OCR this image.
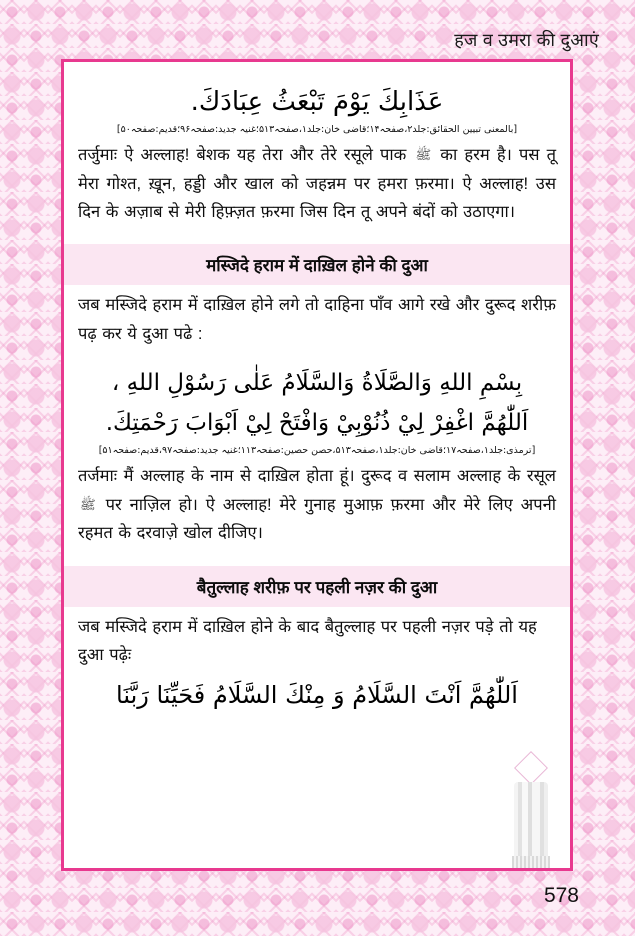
हज व उमरा की दुआएं
عَذَابِكَ يَوْمَ تَبْعَثُ عِبَادَكَ.
[بالمعنى تبيين الحقائق:جلد۲،صفحہ۱۴؛قاضی خان:جلد۱،صفحہ۵۱۳؛غنیہ جدید:صفحہ۹۶؛قدیم:صفحہ۵۰]

तर्जुमाः ऐ अल्लाह! बेशक यह तेरा और तेरे रसूले पाक ﷺ का हरम है। पस तू मेरा गोश्त, ख़ून, हड्डी और खाल को जहन्नम पर हमरा फ़रमा। ऐ अल्लाह! उस दिन के अज़ाब से मेरी हिफ़्ज़त फ़रमा जिस दिन तू अपने बंदों को उठाएगा।

मस्जिदे हराम में दाख़िल होने की दुआ

जब मस्जिदे हराम में दाख़िल होने लगे तो दाहिना पाँव आगे रखे और दुरूद शरीफ़ पढ़ कर ये दुआ पढे :

بِسْمِ اللهِ وَالصَّلَاةُ وَالسَّلَامُ عَلٰى رَسُوْلِ اللهِ ،
اَللّٰهُمَّ اغْفِرْ لِيْ ذُنُوْبِيْ وَافْتَحْ لِيْ اَبْوَابَ رَحْمَتِكَ.
[ترمذی:جلد۱،صفحہ۱۷؛قاضی خان:جلد۱،صفحہ۵۱۳،حصن حصین:صفحہ۱۱۳؛غنیہ جدید:صفحہ۹۷،قدیم:صفحہ۵۱]

तर्जमाः मैं अल्लाह के नाम से दाख़िल होता हूं। दुरूद व सलाम अल्लाह के रसूल ﷺ पर नाज़िल हो। ऐ अल्लाह! मेरे गुनाह मुआफ़ फ़रमा और मेरे लिए अपनी रहमत के दरवाज़े खोल दीजिए।

बैतुल्लाह शरीफ़ पर पहली नज़र की दुआ

जब मस्जिदे हराम में दाख़िल होने के बाद बैतुल्लाह पर पहली नज़र पड़े तो यह दुआ पढ़ेः

اَللّٰهُمَّ اَنْتَ السَّلَامُ وَ مِنْكَ السَّلَامُ فَحَيِّنَا رَبَّنَا
578
